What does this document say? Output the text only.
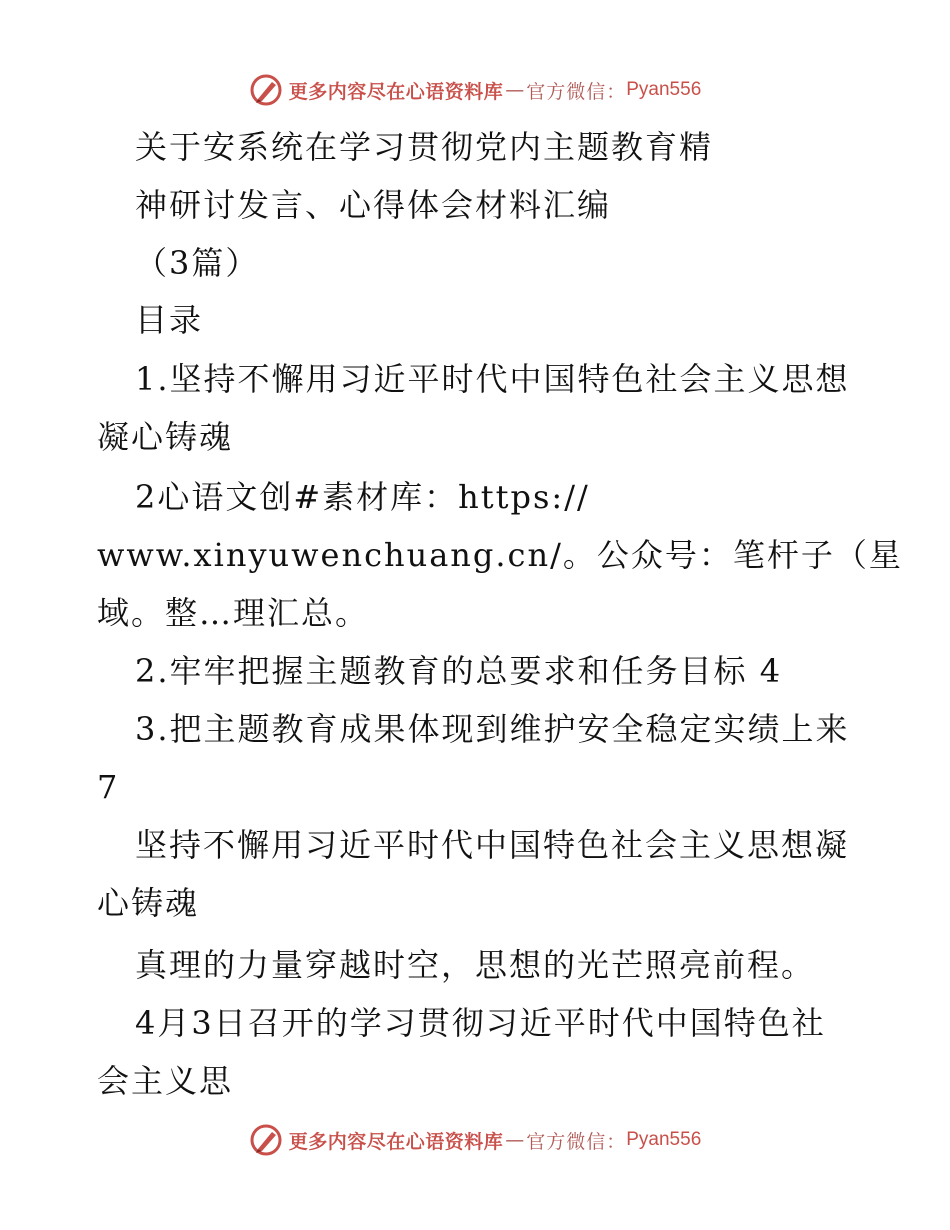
更多内容尽在心语资料库 — 官方微信： Pyan556
关于安系统在学习贯彻党内主题教育精
神研讨发言、心得体会材料汇编
（3篇）
目录
1.坚持不懈用习近平时代中国特色社会主义思想
凝心铸魂
2心语文创#素材库：https://
www.xinyuwenchuang.cn/。公众号：笔杆子（星
域。整…理汇总。
2.牢牢把握主题教育的总要求和任务目标 4
3.把主题教育成果体现到维护安全稳定实绩上来
7
坚持不懈用习近平时代中国特色社会主义思想凝
心铸魂
真理的力量穿越时空，思想的光芒照亮前程。
4月3日召开的学习贯彻习近平时代中国特色社
会主义思
更多内容尽在心语资料库 — 官方微信： Pyan556
